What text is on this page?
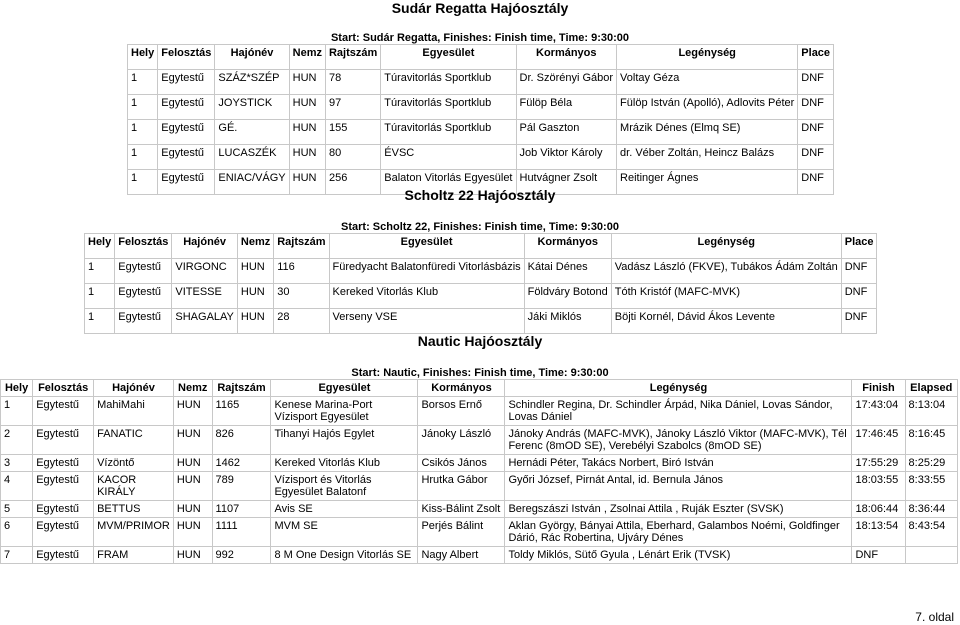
Sudár Regatta Hajóosztály
Start: Sudár Regatta, Finishes: Finish time, Time: 9:30:00
Hely	Felosztás	Hajónév	Nemz	Rajtszám	Egyesület	Kormányos	Legénység	Place
1	Egytestű	SZÁZ*SZÉP	HUN	78	Túravitorlás Sportklub	Dr. Szörényi Gábor	Voltay Géza	DNF
1	Egytestű	JOYSTICK	HUN	97	Túravitorlás Sportklub	Fülöp Béla	Fülöp István (Apolló), Adlovits Péter	DNF
1	Egytestű	GÉ.	HUN	155	Túravitorlás Sportklub	Pál Gaszton	Mrázik Dénes (Elmq SE)	DNF
1	Egytestű	LUCASZÉK	HUN	80	ÉVSC	Job Viktor Károly	dr. Véber Zoltán, Heincz Balázs	DNF
1	Egytestű	ENIAC/VÁGY	HUN	256	Balaton Vitorlás Egyesület	Hutvágner Zsolt	Reitinger Ágnes	DNF
Scholtz 22 Hajóosztály
Start: Scholtz 22, Finishes: Finish time, Time: 9:30:00
Hely	Felosztás	Hajónév	Nemz	Rajtszám	Egyesület	Kormányos	Legénység	Place
1	Egytestű	VIRGONC	HUN	116	Füredyacht Balatonfüredi Vitorlásbázis	Kátai Dénes	Vadász László (FKVE), Tubákos Ádám Zoltán	DNF
1	Egytestű	VITESSE	HUN	30	Kereked Vitorlás Klub	Földváry Botond	Tóth Kristóf (MAFC-MVK)	DNF
1	Egytestű	SHAGALAY	HUN	28	Verseny VSE	Jáki Miklós	Böjti Kornél, Dávid Ákos Levente	DNF
Nautic Hajóosztály
Start: Nautic, Finishes: Finish time, Time: 9:30:00
Hely	Felosztás	Hajónév	Nemz	Rajtszám	Egyesület	Kormányos	Legénység	Finish	Elapsed
1	Egytestű	MahiMahi	HUN	1165	Kenese Marina-Port Vízisport Egyesület	Borsos Ernő	Schindler Regina, Dr. Schindler Árpád, Nika Dániel, Lovas Sándor, Lovas Dániel	17:43:04	8:13:04
2	Egytestű	FANATIC	HUN	826	Tihanyi Hajós Egylet	Jánoky László	Jánoky András (MAFC-MVK), Jánoky László Viktor (MAFC-MVK), Tél Ferenc (8mOD SE), Verebélyi Szabolcs (8mOD SE)	17:46:45	8:16:45
3	Egytestű	Vízöntő	HUN	1462	Kereked Vitorlás Klub	Csikós János	Hernádi Péter, Takács Norbert, Biró István	17:55:29	8:25:29
4	Egytestű	KACOR KIRÁLY	HUN	789	Vízisport és Vitorlás Egyesület Balatonf	Hrutka Gábor	Győri József, Pirnát Antal, id. Bernula János	18:03:55	8:33:55
5	Egytestű	BETTUS	HUN	1107	Avis SE	Kiss-Bálint Zsolt	Beregszászi István , Zsolnai Attila , Ruják Eszter (SVSK)	18:06:44	8:36:44
6	Egytestű	MVM/PRIMOR	HUN	1111	MVM SE	Perjés Bálint	Aklan György, Bányai Attila, Eberhard, Galambos Noémi, Goldfinger Dárió, Rác Robertina, Ujváry Dénes	18:13:54	8:43:54
7	Egytestű	FRAM	HUN	992	8 M One Design Vitorlás SE	Nagy Albert	Toldy Miklós, Sütő Gyula , Lénárt Erik (TVSK)	DNF	
7. oldal
